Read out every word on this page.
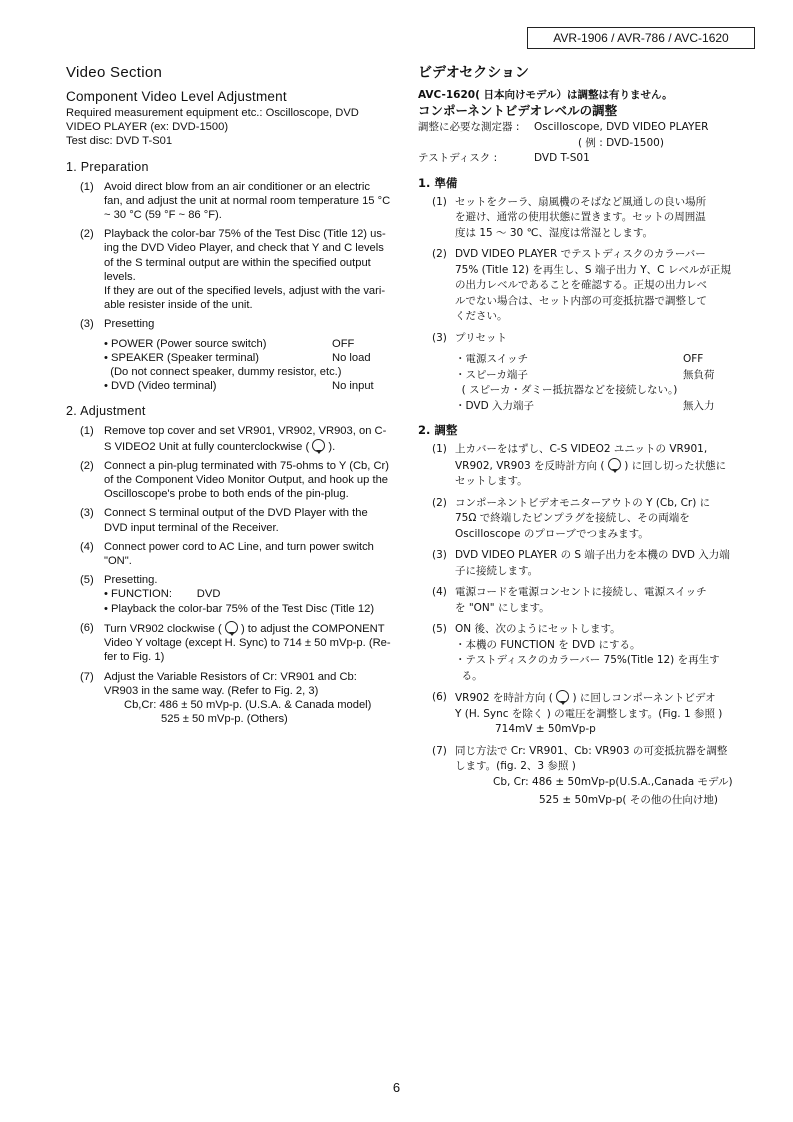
AVR-1906 / AVR-786 / AVC-1620
Video Section
Component Video Level Adjustment
Required measurement equipment etc.: Oscilloscope, DVD
VIDEO PLAYER (ex: DVD-1500)
Test disc: DVD T-S01
1. Preparation
(1) Avoid direct blow from an air conditioner or an electric
fan, and adjust the unit at normal room temperature 15 °C
~ 30 °C (59 °F ~ 86 °F).
(2) Playback the color-bar 75% of the Test Disc (Title 12) us-
ing the DVD Video Player, and check that Y and C levels
of the S terminal output are within the specified output
levels.
If they are out of the specified levels, adjust with the vari-
able resister inside of the unit.
(3) Presetting
• POWER (Power source switch)	OFF
• SPEAKER (Speaker terminal)	No load
(Do not connect speaker, dummy resistor, etc.)
• DVD (Video terminal)	No input
2. Adjustment
(1) Remove top cover and set VR901, VR902, VR903, on C-
S VIDEO2 Unit at fully counterclockwise ( ).
(2) Connect a pin-plug terminated with 75-ohms to Y (Cb, Cr)
of the Component Video Monitor Output, and hook up the
Oscilloscope's probe to both ends of the pin-plug.
(3) Connect S terminal output of the DVD Player with the
DVD input terminal of the Receiver.
(4) Connect power cord to AC Line, and turn power switch
"ON".
(5) Presetting.
• FUNCTION:        DVD
• Playback the color-bar 75% of the Test Disc (Title 12)
(6) Turn VR902 clockwise ( ) to adjust the COMPONENT
Video Y voltage (except H. Sync) to 714 ± 50 mVp-p. (Re-
fer to Fig. 1)
(7) Adjust the Variable Resistors of Cr: VR901 and Cb:
VR903 in the same way. (Refer to Fig. 2, 3)
Cb,Cr: 486 ± 50 mVp-p. (U.S.A. & Canada model)
525 ± 50 mVp-p. (Others)
ビデオセクション
AVC-1620( 日本向けモデル）は調整は有りません。
コンポーネントビデオレベルの調整
調整に必要な測定器 :	Oscilloscope, DVD VIDEO PLAYER
( 例 : DVD-1500)
テストディスク :	DVD T-S01
1. 準備
(1) セットをクーラ、扇風機のそばなど風通しの良い場所
を避け、通常の使用状態に置きます。セットの周囲温
度は 15 ～ 30 ℃、湿度は常湿とします。
(2) DVD VIDEO PLAYER でテストディスクのカラーバー
75% (Title 12) を再生し、S 端子出力 Y、C レベルが正規
の出力レベルであることを確認する。正規の出力レベ
ルでない場合は、セット内部の可変抵抗器で調整して
ください。
(3) プリセット
・電源スイッチ	OFF
・スピーカ端子	無負荷
( スピーカ・ダミー抵抗器などを接続しない。)
・DVD 入力端子	無入力
2. 調整
(1) 上カバーをはずし、C-S VIDEO2 ユニットの VR901,
VR902, VR903 を反時計方向 ( ) に回し切った状態に
セットします。
(2) コンポーネントビデオモニターアウトの Y (Cb, Cr) に
75Ω で終端したピンプラグを接続し、その両端を
Oscilloscope のプローブでつまみます。
(3) DVD VIDEO PLAYER の S 端子出力を本機の DVD 入力端
子に接続します。
(4) 電源コードを電源コンセントに接続し、電源スイッチ
を "ON" にします。
(5) ON 後、次のようにセットします。
・本機の FUNCTION を DVD にする。
・テストディスクのカラーバー 75%(Title 12) を再生す
る。
(6) VR902 を時計方向 ( ) に回しコンポーネントビデオ
Y (H. Sync を除く ) の電圧を調整します。(Fig. 1 参照 )
714mV ± 50mVp-p
(7) 同じ方法で Cr: VR901、Cb: VR903 の可変抵抗器を調整
します。(fig. 2、3 参照 )
Cb, Cr: 486 ± 50mVp-p(U.S.A.,Canada モデル)
525 ± 50mVp-p( その他の仕向け地)
6
